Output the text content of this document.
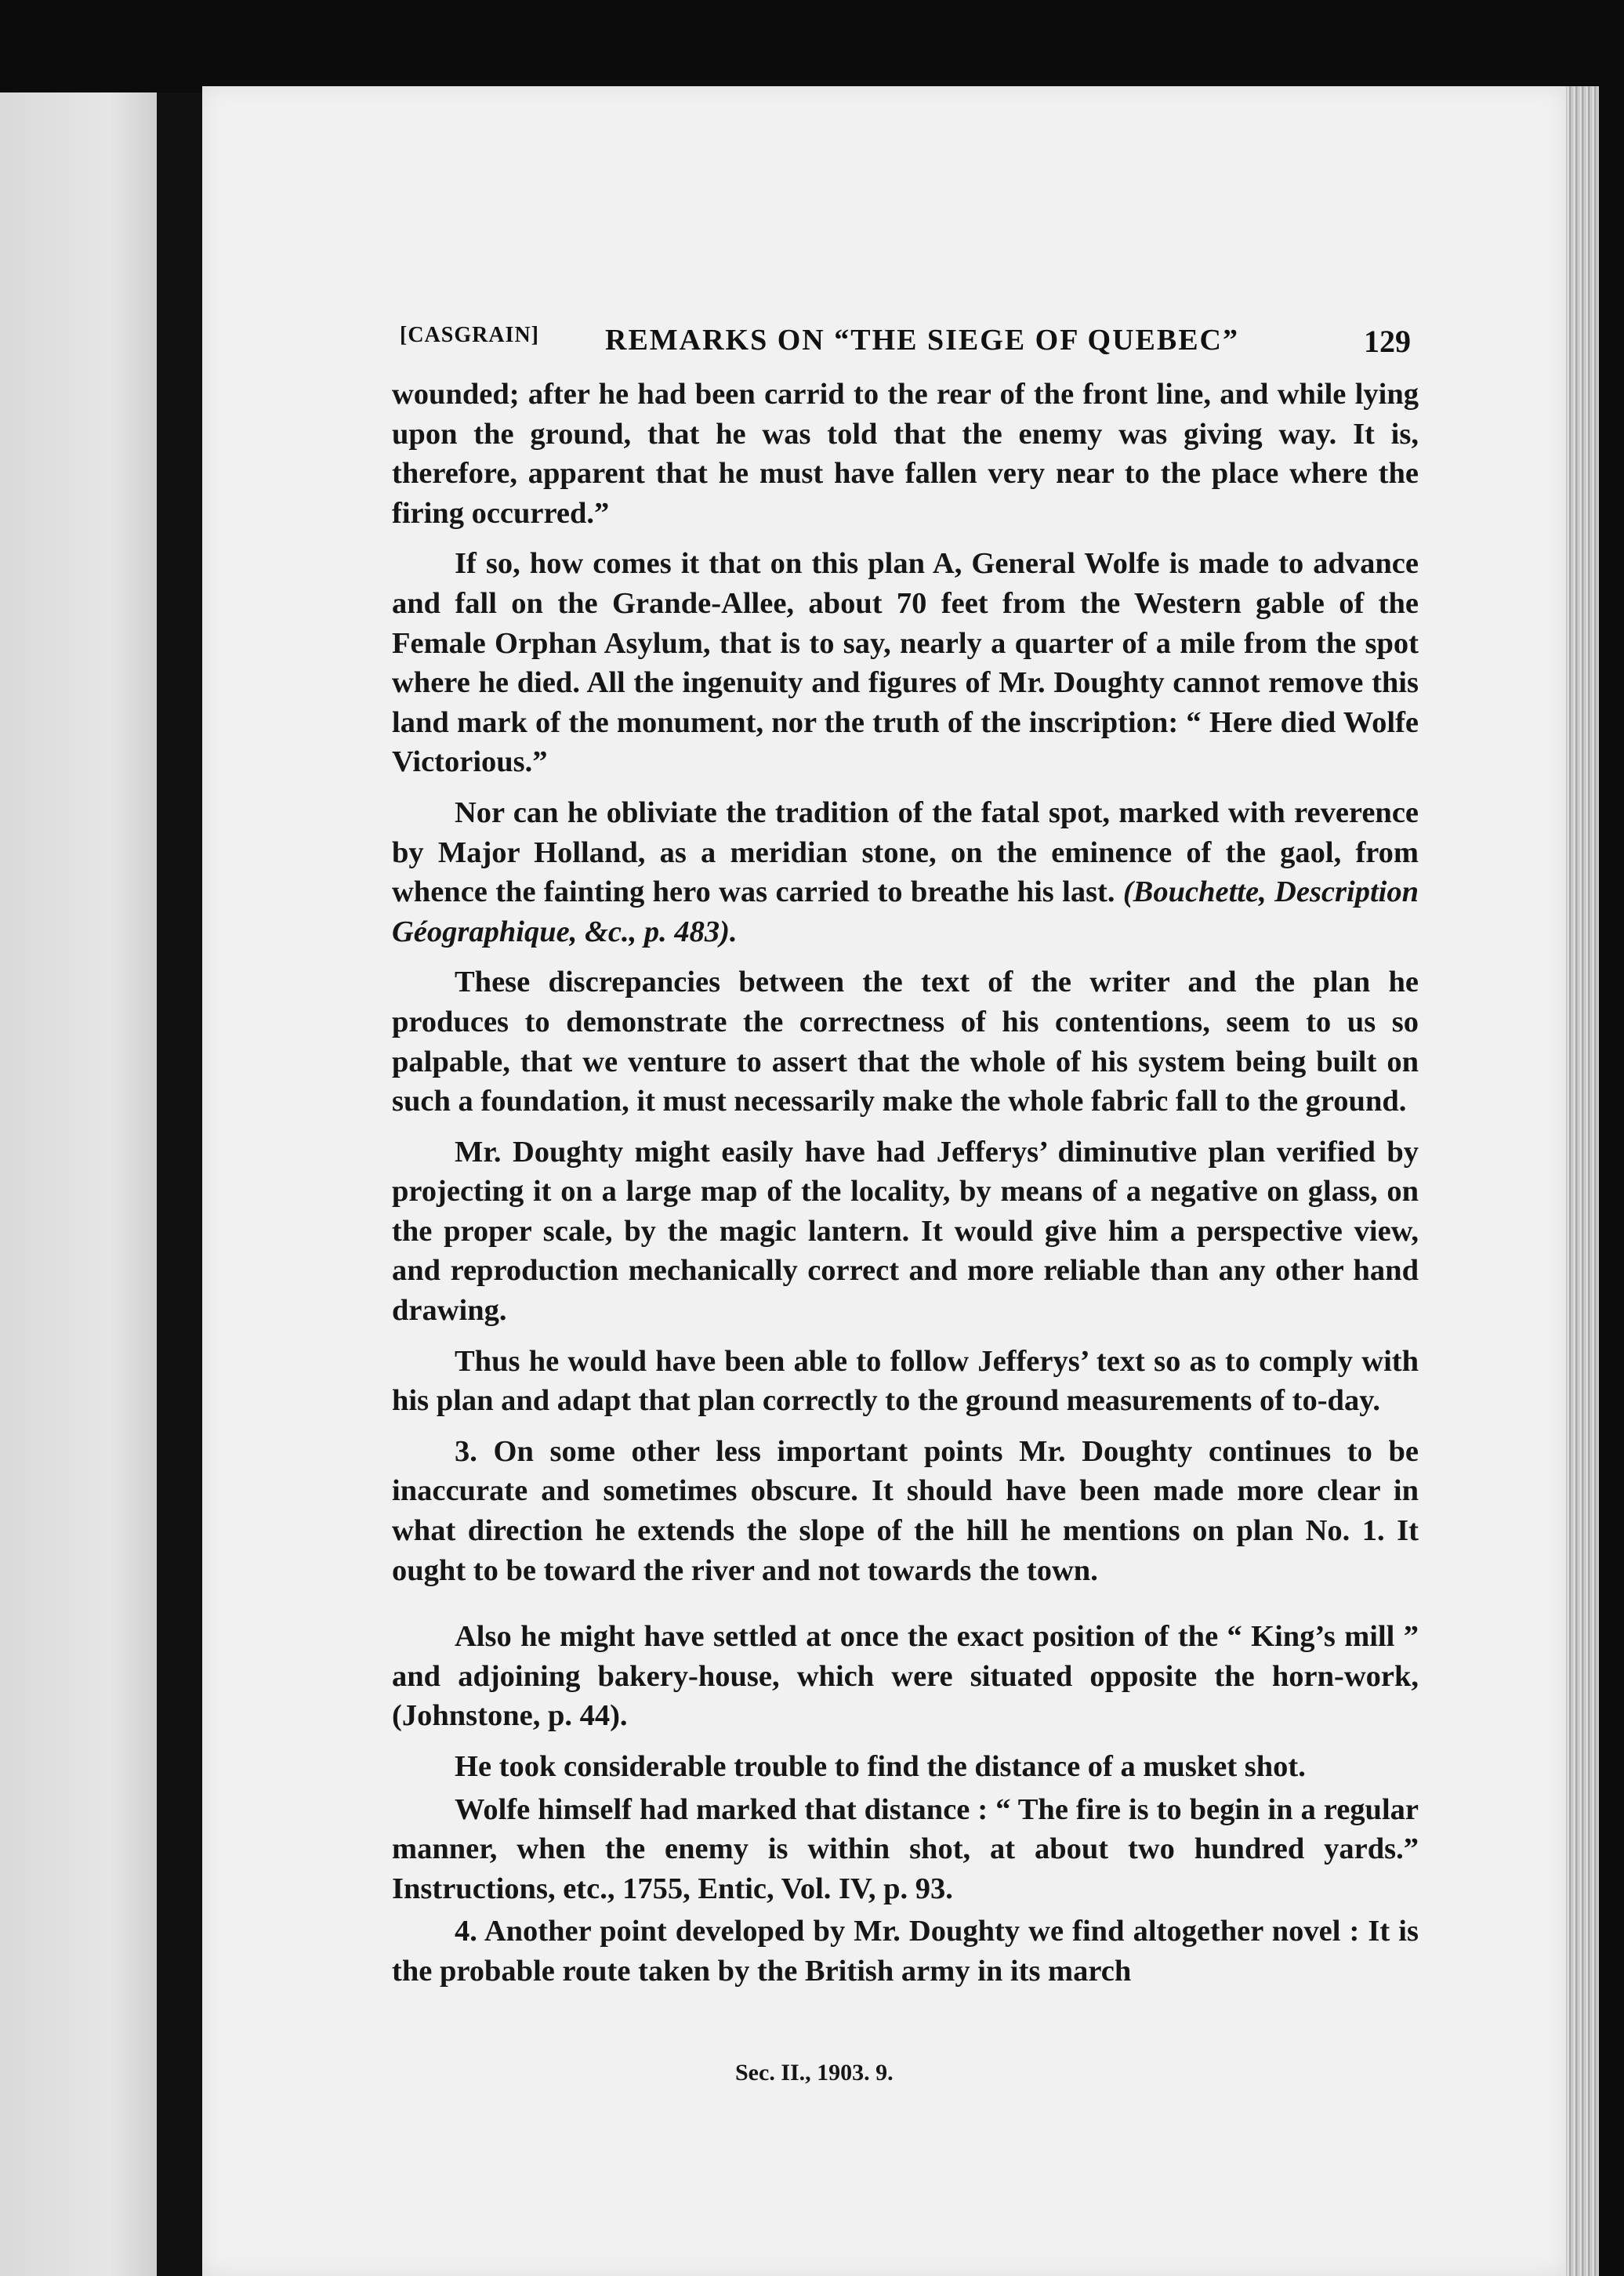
[CASGRAIN] REMARKS ON “THE SIEGE OF QUEBEC”	129

wounded; after he had been carrid to the rear of the front line, and while lying upon the ground, that he was told that the enemy was giving way. It is, therefore, apparent that he must have fallen very near to the place where the firing occurred.”

If so, how comes it that on this plan A, General Wolfe is made to advance and fall on the Grande-Allee, about 70 feet from the Western gable of the Female Orphan Asylum, that is to say, nearly a quarter of a mile from the spot where he died. All the ingenuity and figures of Mr. Doughty cannot remove this land mark of the monument, nor the truth of the inscription: “ Here died Wolfe Victorious.”

Nor can he obliviate the tradition of the fatal spot, marked with reverence by Major Holland, as a meridian stone, on the eminence of the gaol, from whence the fainting hero was carried to breathe his last. (Bouchette, Description Géographique, &c., p. 483).

These discrepancies between the text of the writer and the plan he produces to demonstrate the correctness of his contentions, seem to us so palpable, that we venture to assert that the whole of his system being built on such a foundation, it must necessarily make the whole fabric fall to the ground.

Mr. Doughty might easily have had Jefferys’ diminutive plan verified by projecting it on a large map of the locality, by means of a negative on glass, on the proper scale, by the magic lantern. It would give him a perspective view, and reproduction mechanically correct and more reliable than any other hand drawing.

Thus he would have been able to follow Jefferys’ text so as to comply with his plan and adapt that plan correctly to the ground measurements of to-day.

3. On some other less important points Mr. Doughty continues to be inaccurate and sometimes obscure. It should have been made more clear in what direction he extends the slope of the hill he mentions on plan No. 1. It ought to be toward the river and not towards the town.

Also he might have settled at once the exact position of the “ King’s mill ” and adjoining bakery-house, which were situated opposite the horn-work, (Johnstone, p. 44).

He took considerable trouble to find the distance of a musket shot.

Wolfe himself had marked that distance : “ The fire is to begin in a regular manner, when the enemy is within shot, at about two hundred yards.” Instructions, etc., 1755, Entic, Vol. IV, p. 93.

4. Another point developed by Mr. Doughty we find altogether novel : It is the probable route taken by the British army in its march

Sec. II., 1903. 9.
